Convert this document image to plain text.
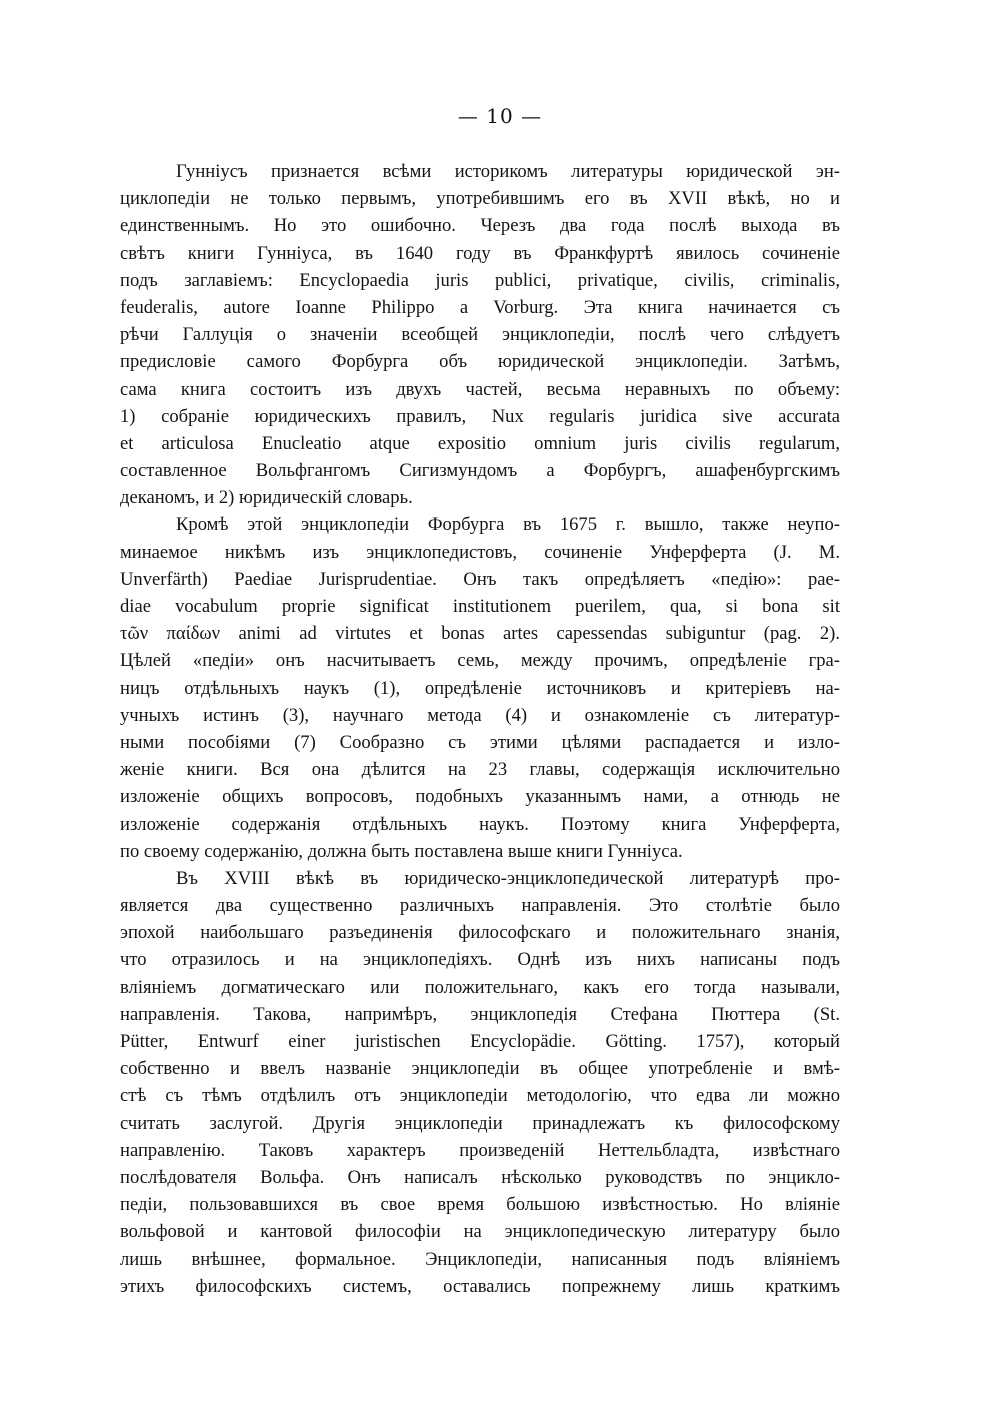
— 10 —
Гунніусъ признается всѣми историкомъ литературы юридической эн-
циклопедіи не только первымъ, употребившимъ его въ XVII вѣкѣ, но и
единственнымъ. Но это ошибочно. Черезъ два года послѣ выхода въ
свѣтъ книги Гунніуса, въ 1640 году въ Франкфуртѣ явилось сочиненіе
подъ заглавіемъ: Encyclopaedia juris publici, privatique, civilis, criminalis,
feuderalis, autore Ioanne Philippo a Vorburg. Эта книга начинается съ
рѣчи Галлуція о значеніи всеобщей энциклопедіи, послѣ чего слѣдуетъ
предисловіе самого Форбурга объ юридической энциклопедіи. Затѣмъ,
сама книга состоитъ изъ двухъ частей, весьма неравныхъ по объему:
1) собраніе юридическихъ правилъ, Nux regularis juridica sive accurata
et articulosa Enucleatio atque expositio omnium juris civilis regularum,
составленное Вольфгангомъ Сигизмундомъ а Форбургъ, ашафенбургскимъ
деканомъ, и 2) юридическій словарь.
Кромѣ этой энциклопедіи Форбурга въ 1675 г. вышло, также неупо-
минаемое никѣмъ изъ энциклопедистовъ, сочиненіе Унферферта (J. M.
Unverfärth) Paediae Jurisprudentiae. Онъ такъ опредѣляетъ «педію»: pae-
diae vocabulum proprie significat institutionem puerilem, qua, si bona sit
τῶν παίδων animi ad virtutes et bonas artes capessendas subiguntur (pag. 2).
Цѣлей «педіи» онъ насчитываетъ семь, между прочимъ, опредѣленіе гра-
ницъ отдѣльныхъ наукъ (1), опредѣленіе источниковъ и критеріевъ на-
учныхъ истинъ (3), научнаго метода (4) и ознакомленіе съ литератур-
ными пособіями (7) Сообразно съ этими цѣлями распадается и изло-
женіе книги. Вся она дѣлится на 23 главы, содержащія исключительно
изложеніе общихъ вопросовъ, подобныхъ указаннымъ нами, а отнюдь не
изложеніе содержанія отдѣльныхъ наукъ. Поэтому книга Унферферта,
по своему содержанію, должна быть поставлена выше книги Гунніуса.
Въ XVIII вѣкѣ въ юридическо-энциклопедической литературѣ про-
является два существенно различныхъ направленія. Это столѣтіе было
эпохой наибольшаго разъединенія философскаго и положительнаго знанія,
что отразилось и на энциклопедіяхъ. Однѣ изъ нихъ написаны подъ
вліяніемъ догматическаго или положительнаго, какъ его тогда называли,
направленія. Такова, напримѣръ, энциклопедія Стефана Пюттера (St.
Pütter, Entwurf einer juristischen Encyclopädie. Götting. 1757), который
собственно и ввелъ названіе энциклопедіи въ общее употребленіе и вмѣ-
стѣ съ тѣмъ отдѣлилъ отъ энциклопедіи методологію, что едва ли можно
считать заслугой. Другія энциклопедіи принадлежатъ къ философскому
направленію. Таковъ характеръ произведеній Неттельбладта, извѣстнаго
послѣдователя Вольфа. Онъ написалъ нѣсколько руководствъ по энцикло-
педіи, пользовавшихся въ свое время большою извѣстностью. Но вліяніе
вольфовой и кантовой философіи на энциклопедическую литературу было
лишь внѣшнее, формальное. Энциклопедіи, написанныя подъ вліяніемъ
этихъ философскихъ системъ, оставались попрежнему лишь краткимъ
